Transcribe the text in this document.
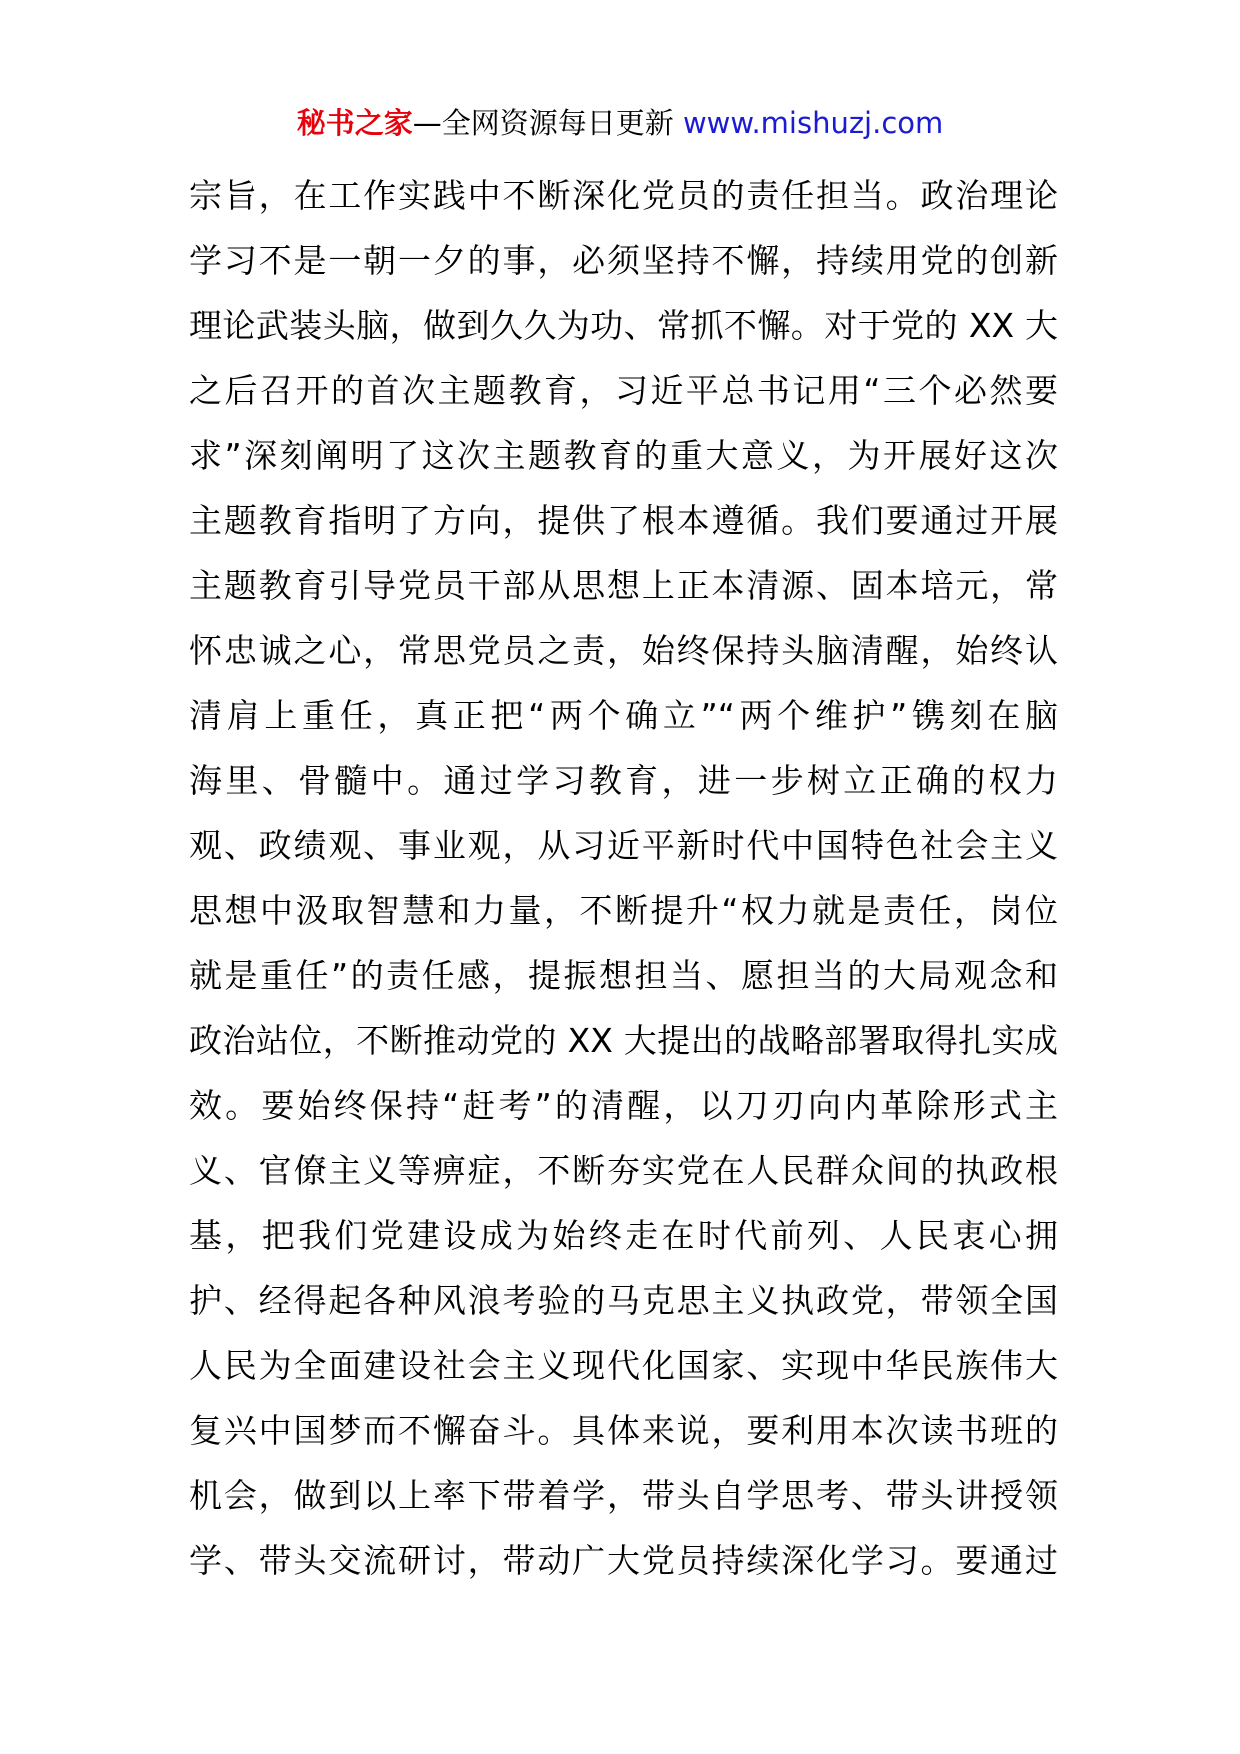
秘书之家—全网资源每日更新 www.mishuzj.com
宗旨，在工作实践中不断深化党员的责任担当。政治理论
学习不是一朝一夕的事，必须坚持不懈，持续用党的创新
理论武装头脑，做到久久为功、常抓不懈。对于党的 XX 大
之后召开的首次主题教育，习近平总书记用“三个必然要
求”深刻阐明了这次主题教育的重大意义，为开展好这次
主题教育指明了方向，提供了根本遵循。我们要通过开展
主题教育引导党员干部从思想上正本清源、固本培元，常
怀忠诚之心，常思党员之责，始终保持头脑清醒，始终认
清肩上重任，真正把“两个确立”“两个维护”镌刻在脑
海里、骨髓中。通过学习教育，进一步树立正确的权力
观、政绩观、事业观，从习近平新时代中国特色社会主义
思想中汲取智慧和力量，不断提升“权力就是责任，岗位
就是重任”的责任感，提振想担当、愿担当的大局观念和
政治站位，不断推动党的 XX 大提出的战略部署取得扎实成
效。要始终保持“赶考”的清醒，以刀刃向内革除形式主
义、官僚主义等痹症，不断夯实党在人民群众间的执政根
基，把我们党建设成为始终走在时代前列、人民衷心拥
护、经得起各种风浪考验的马克思主义执政党，带领全国
人民为全面建设社会主义现代化国家、实现中华民族伟大
复兴中国梦而不懈奋斗。具体来说，要利用本次读书班的
机会，做到以上率下带着学，带头自学思考、带头讲授领
学、带头交流研讨，带动广大党员持续深化学习。要通过
